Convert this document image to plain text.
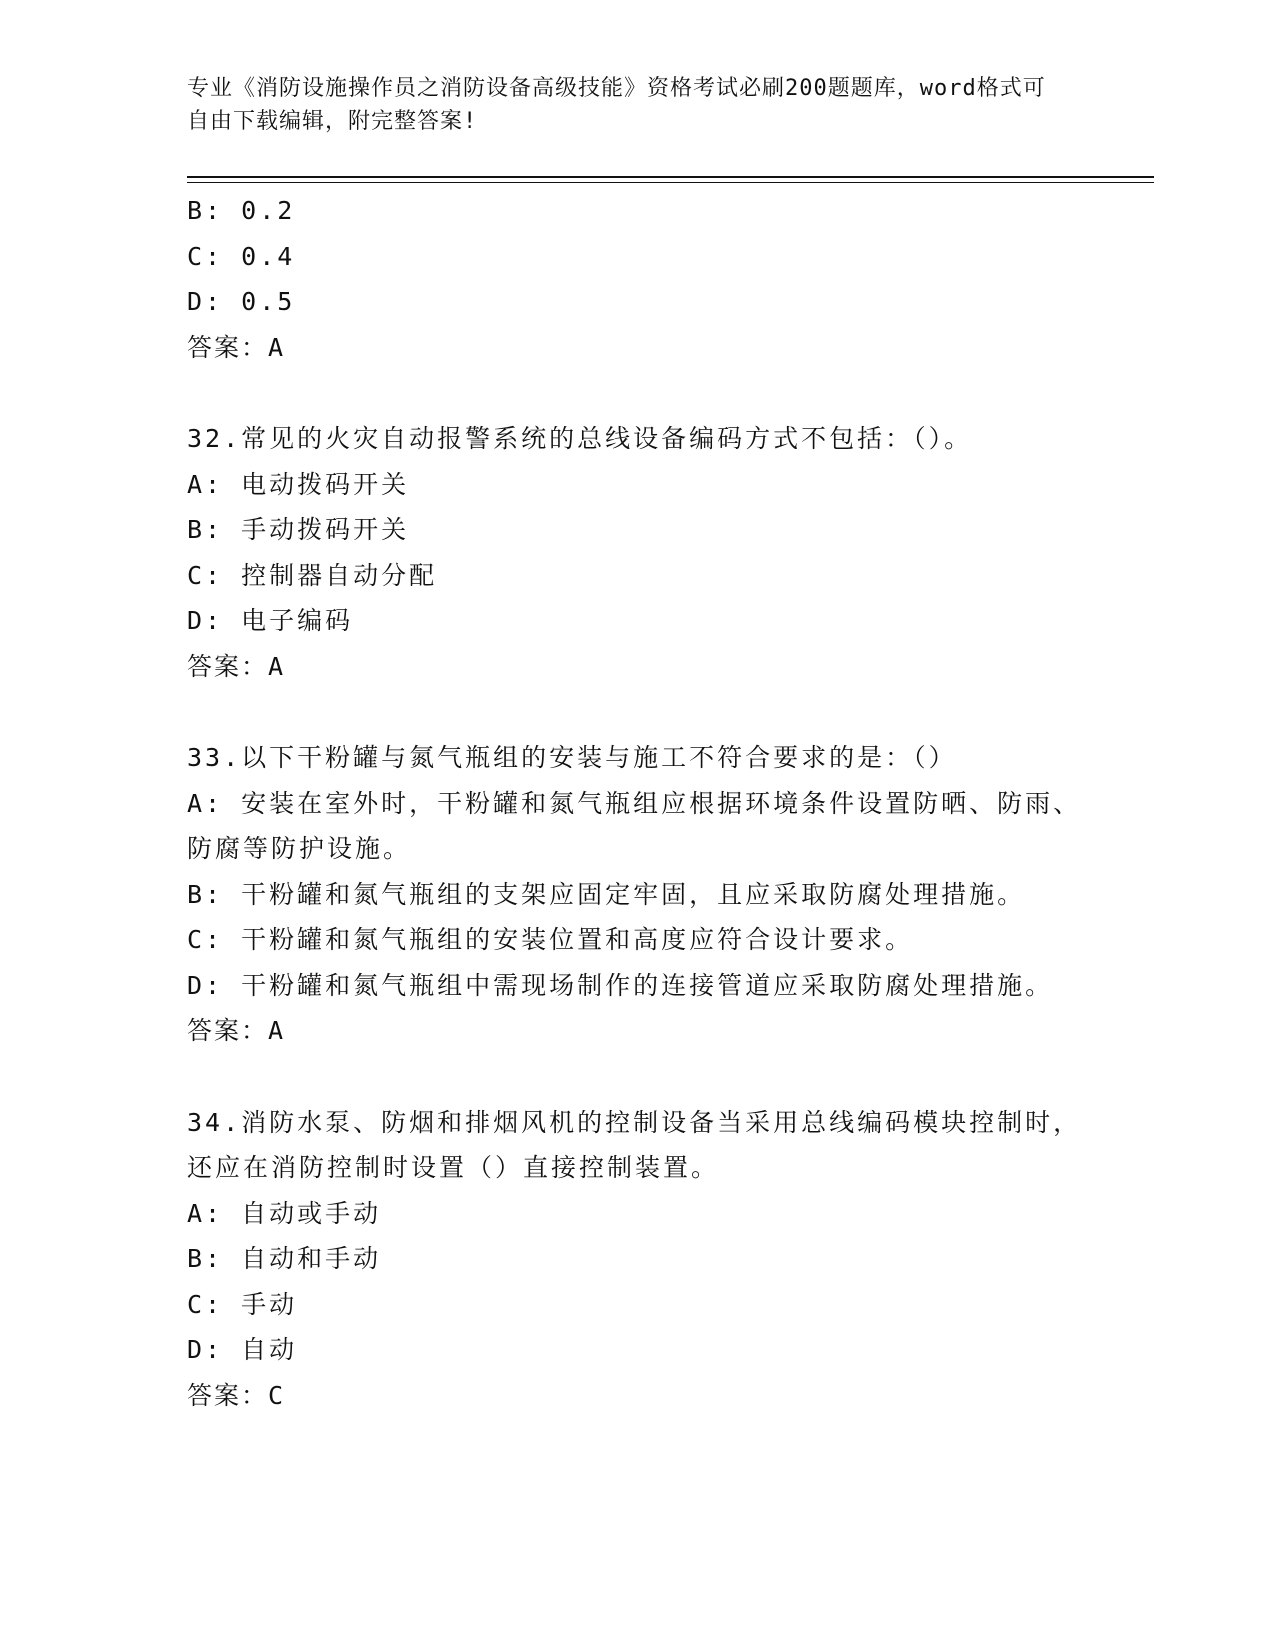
专业《消防设施操作员之消防设备高级技能》资格考试必刷200题题库，word格式可自由下载编辑，附完整答案!
B: 0.2
C: 0.4
D: 0.5
答案：A
32.常见的火灾自动报警系统的总线设备编码方式不包括：（）。
A: 电动拨码开关
B: 手动拨码开关
C: 控制器自动分配
D: 电子编码
答案：A
33.以下干粉罐与氮气瓶组的安装与施工不符合要求的是：（）
A: 安装在室外时，干粉罐和氮气瓶组应根据环境条件设置防晒、防雨、防腐等防护设施。
B: 干粉罐和氮气瓶组的支架应固定牢固，且应采取防腐处理措施。
C: 干粉罐和氮气瓶组的安装位置和高度应符合设计要求。
D: 干粉罐和氮气瓶组中需现场制作的连接管道应采取防腐处理措施。
答案：A
34.消防水泵、防烟和排烟风机的控制设备当采用总线编码模块控制时，还应在消防控制时设置（）直接控制装置。
A: 自动或手动
B: 自动和手动
C: 手动
D: 自动
答案：C
